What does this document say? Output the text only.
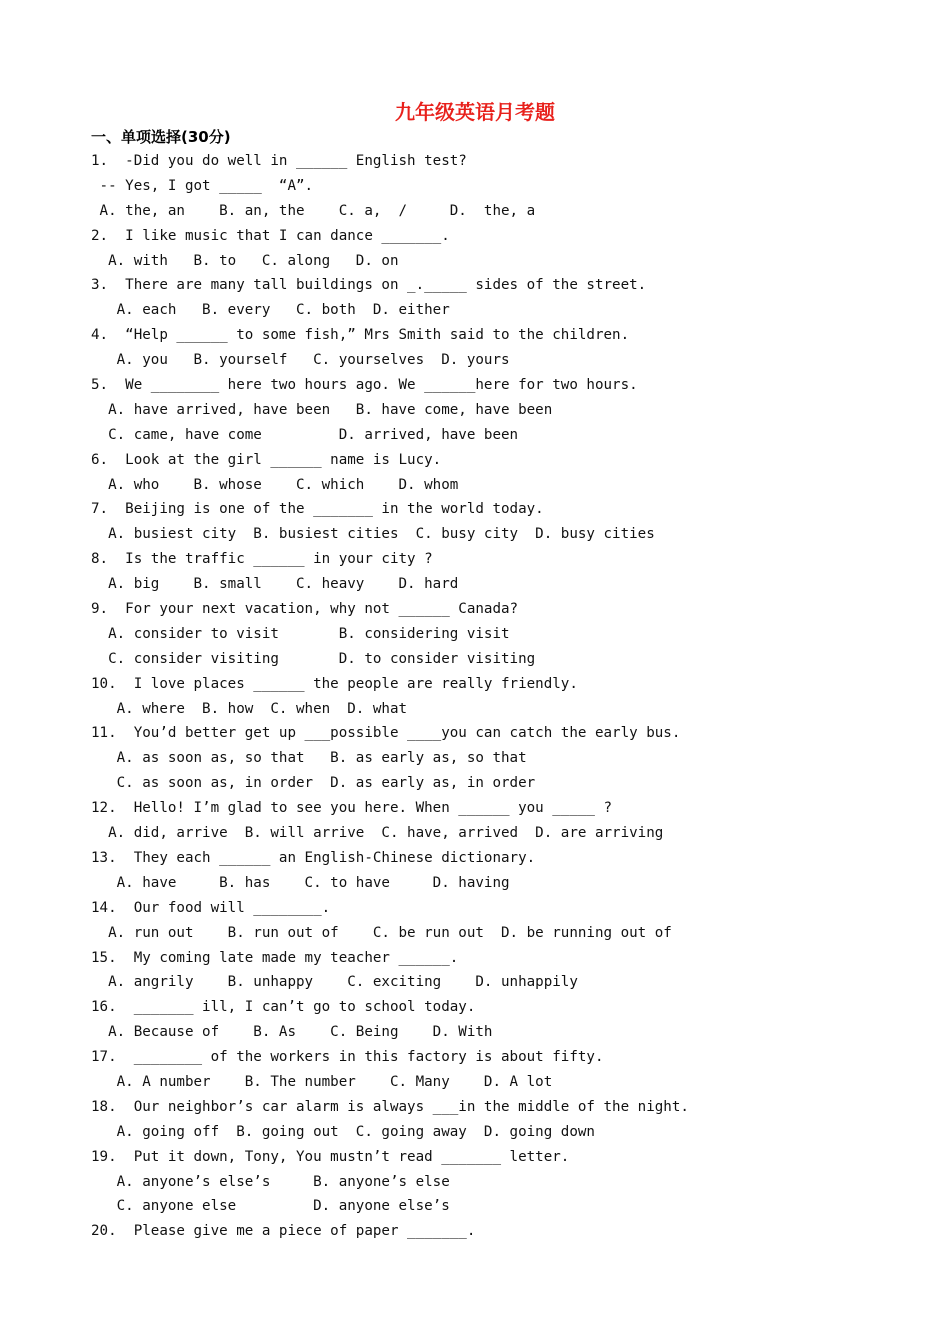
九年级英语月考题
一、单项选择(30分)
1.  -Did you do well in ______ English test?
-- Yes, I got _____  “A”.
A. the, an    B. an, the    C. a,  /     D.  the, a
2.  I like music that I can dance _______.
A. with   B. to   C. along   D. on
3.  There are many tall buildings on _._____ sides of the street.
A. each   B. every   C. both  D. either
4.  “Help ______ to some fish,” Mrs Smith said to the children.
A. you   B. yourself   C. yourselves  D. yours
5.  We ________ here two hours ago. We ______here for two hours.
A. have arrived, have been   B. have come, have been
C. came, have come         D. arrived, have been
6.  Look at the girl ______ name is Lucy.
A. who    B. whose    C. which    D. whom
7.  Beijing is one of the _______ in the world today.
A. busiest city  B. busiest cities  C. busy city  D. busy cities
8.  Is the traffic ______ in your city ?
A. big    B. small    C. heavy    D. hard
9.  For your next vacation, why not ______ Canada?
A. consider to visit       B. considering visit
C. consider visiting       D. to consider visiting
10.  I love places ______ the people are really friendly.
A. where  B. how  C. when  D. what
11.  You’d better get up ___possible ____you can catch the early bus.
A. as soon as, so that   B. as early as, so that
C. as soon as, in order  D. as early as, in order
12.  Hello! I’m glad to see you here. When ______ you _____ ?
A. did, arrive  B. will arrive  C. have, arrived  D. are arriving
13.  They each ______ an English-Chinese dictionary.
A. have     B. has    C. to have     D. having
14.  Our food will ________.
A. run out    B. run out of    C. be run out  D. be running out of
15.  My coming late made my teacher ______.
A. angrily    B. unhappy    C. exciting    D. unhappily
16.  _______ ill, I can’t go to school today.
A. Because of    B. As    C. Being    D. With
17.  ________ of the workers in this factory is about fifty.
A. A number    B. The number    C. Many    D. A lot
18.  Our neighbor’s car alarm is always ___in the middle of the night.
A. going off  B. going out  C. going away  D. going down
19.  Put it down, Tony, You mustn’t read _______ letter.
A. anyone’s else’s     B. anyone’s else
C. anyone else         D. anyone else’s
20.  Please give me a piece of paper _______.
